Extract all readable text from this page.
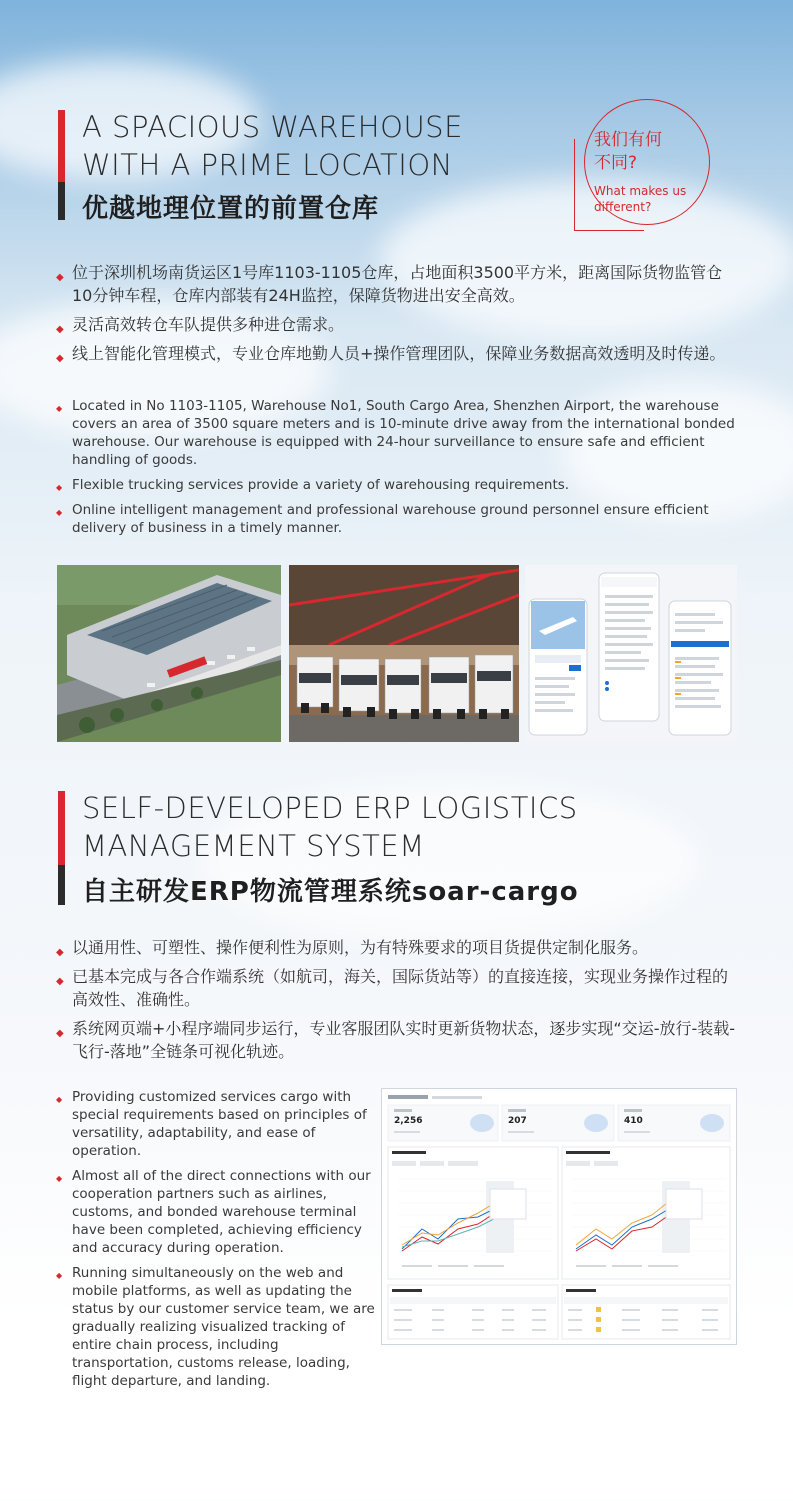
A SPACIOUS WAREHOUSE
WITH A PRIME LOCATION
优越地理位置的前置仓库
我们有何
不同?
What makes us
different?
◆ 位于深圳机场南货运区1号库1103-1105仓库，占地面积3500平方米，距离国际货物监管仓10分钟车程，仓库内部装有24H监控，保障货物进出安全高效。
◆ 灵活高效转仓车队提供多种进仓需求。
◆ 线上智能化管理模式，专业仓库地勤人员+操作管理团队，保障业务数据高效透明及时传递。
◆ Located in No 1103-1105, Warehouse No1, South Cargo Area, Shenzhen Airport, the warehouse covers an area of 3500 square meters and is 10-minute drive away from the international bonded warehouse. Our warehouse is equipped with 24-hour surveillance to ensure safe and efficient handling of goods.
◆ Flexible trucking services provide a variety of warehousing requirements.
◆ Online intelligent management and professional warehouse ground personnel ensure efficient delivery of business in a timely manner.
SELF-DEVELOPED ERP LOGISTICS
MANAGEMENT SYSTEM
自主研发ERP物流管理系统soar-cargo
◆ 以通用性、可塑性、操作便利性为原则，为有特殊要求的项目货提供定制化服务。
◆ 已基本完成与各合作端系统（如航司，海关，国际货站等）的直接连接，实现业务操作过程的高效性、准确性。
◆ 系统网页端+小程序端同步运行，专业客服团队实时更新货物状态，逐步实现“交运-放行-装载-飞行-落地”全链条可视化轨迹。
◆ Providing customized services cargo with special requirements based on principles of versatility, adaptability, and ease of operation.
◆ Almost all of the direct connections with our cooperation partners such as airlines, customs, and bonded warehouse terminal have been completed, achieving efficiency and accuracy during operation.
◆ Running simultaneously on the web and mobile platforms, as well as updating the status by our customer service team, we are gradually realizing visualized tracking of entire chain process, including transportation, customs release, loading, flight departure, and landing.
2,256	207	410
